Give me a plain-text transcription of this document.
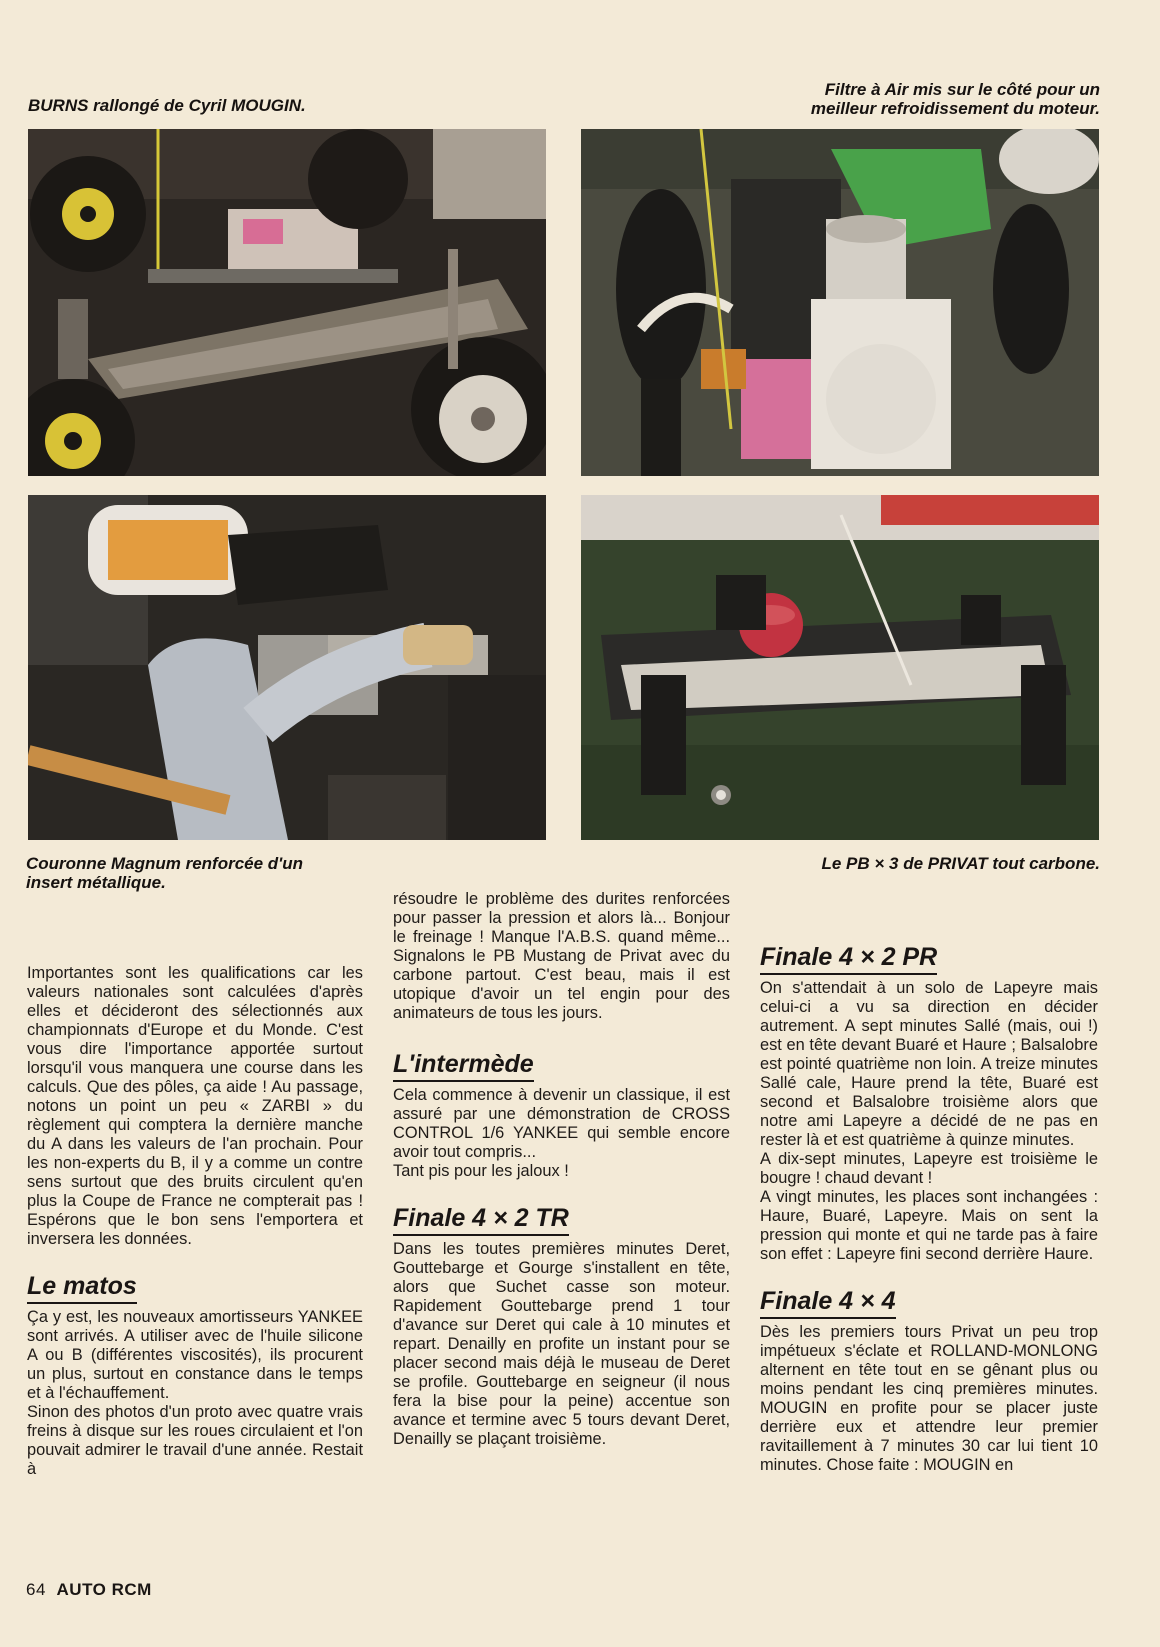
BURNS rallongé de Cyril MOUGIN.
Filtre à Air mis sur le côté pour un
meilleur refroidissement du moteur.
Couronne Magnum renforcée d'un
insert métallique.
Le PB × 3 de PRIVAT tout carbone.

Importantes sont les qualifications car les valeurs nationales sont calculées d'après elles et décideront des sélectionnés aux championnats d'Europe et du Monde. C'est vous dire l'importance apportée surtout lorsqu'il vous manquera une course dans les calculs. Que des pôles, ça aide ! Au passage, notons un point un peu « ZARBI » du règlement qui comptera la dernière manche du A dans les valeurs de l'an prochain. Pour les non-experts du B, il y a comme un contre sens surtout que des bruits circulent qu'en plus la Coupe de France ne compterait pas ! Espérons que le bon sens l'emportera et inversera les données.

Le matos

Ça y est, les nouveaux amortisseurs YANKEE sont arrivés. A utiliser avec de l'huile silicone A ou B (différentes viscosités), ils procurent un plus, surtout en constance dans le temps et à l'échauffement.

Sinon des photos d'un proto avec quatre vrais freins à disque sur les roues circulaient et l'on pouvait admirer le travail d'une année. Restait à

résoudre le problème des durites renforcées pour passer la pression et alors là... Bonjour le freinage ! Manque l'A.B.S. quand même... Signalons le PB Mustang de Privat avec du carbone partout. C'est beau, mais il est utopique d'avoir un tel engin pour des animateurs de tous les jours.

L'intermède

Cela commence à devenir un classique, il est assuré par une démonstration de CROSS CONTROL 1/6 YANKEE qui semble encore avoir tout compris...

Tant pis pour les jaloux !

Finale 4 × 2 TR

Dans les toutes premières minutes Deret, Gouttebarge et Gourge s'installent en tête, alors que Suchet casse son moteur. Rapidement Gouttebarge prend 1 tour d'avance sur Deret qui cale à 10 minutes et repart. Denailly en profite un instant pour se placer second mais déjà le museau de Deret se profile. Gouttebarge en seigneur (il nous fera la bise pour la peine) accentue son avance et termine avec 5 tours devant Deret, Denailly se plaçant troisième.

Finale 4 × 2 PR

On s'attendait à un solo de Lapeyre mais celui-ci a vu sa direction en décider autrement. A sept minutes Sallé (mais, oui !) est en tête devant Buaré et Haure ; Balsalobre est pointé quatrième non loin. A treize minutes Sallé cale, Haure prend la tête, Buaré est second et Balsalobre troisième alors que notre ami Lapeyre a décidé de ne pas en rester là et est quatrième à quinze minutes.

A dix-sept minutes, Lapeyre est troisième le bougre ! chaud devant !

A vingt minutes, les places sont inchangées : Haure, Buaré, Lapeyre. Mais on sent la pression qui monte et qui ne tarde pas à faire son effet : Lapeyre fini second derrière Haure.

Finale 4 × 4

Dès les premiers tours Privat un peu trop impétueux s'éclate et ROLLAND-MONLONG alternent en tête tout en se gênant plus ou moins pendant les cinq premières minutes. MOUGIN en profite pour se placer juste derrière eux et attendre leur premier ravitaillement à 7 minutes 30 car lui tient 10 minutes. Chose faite : MOUGIN en

64 AUTO RCM
